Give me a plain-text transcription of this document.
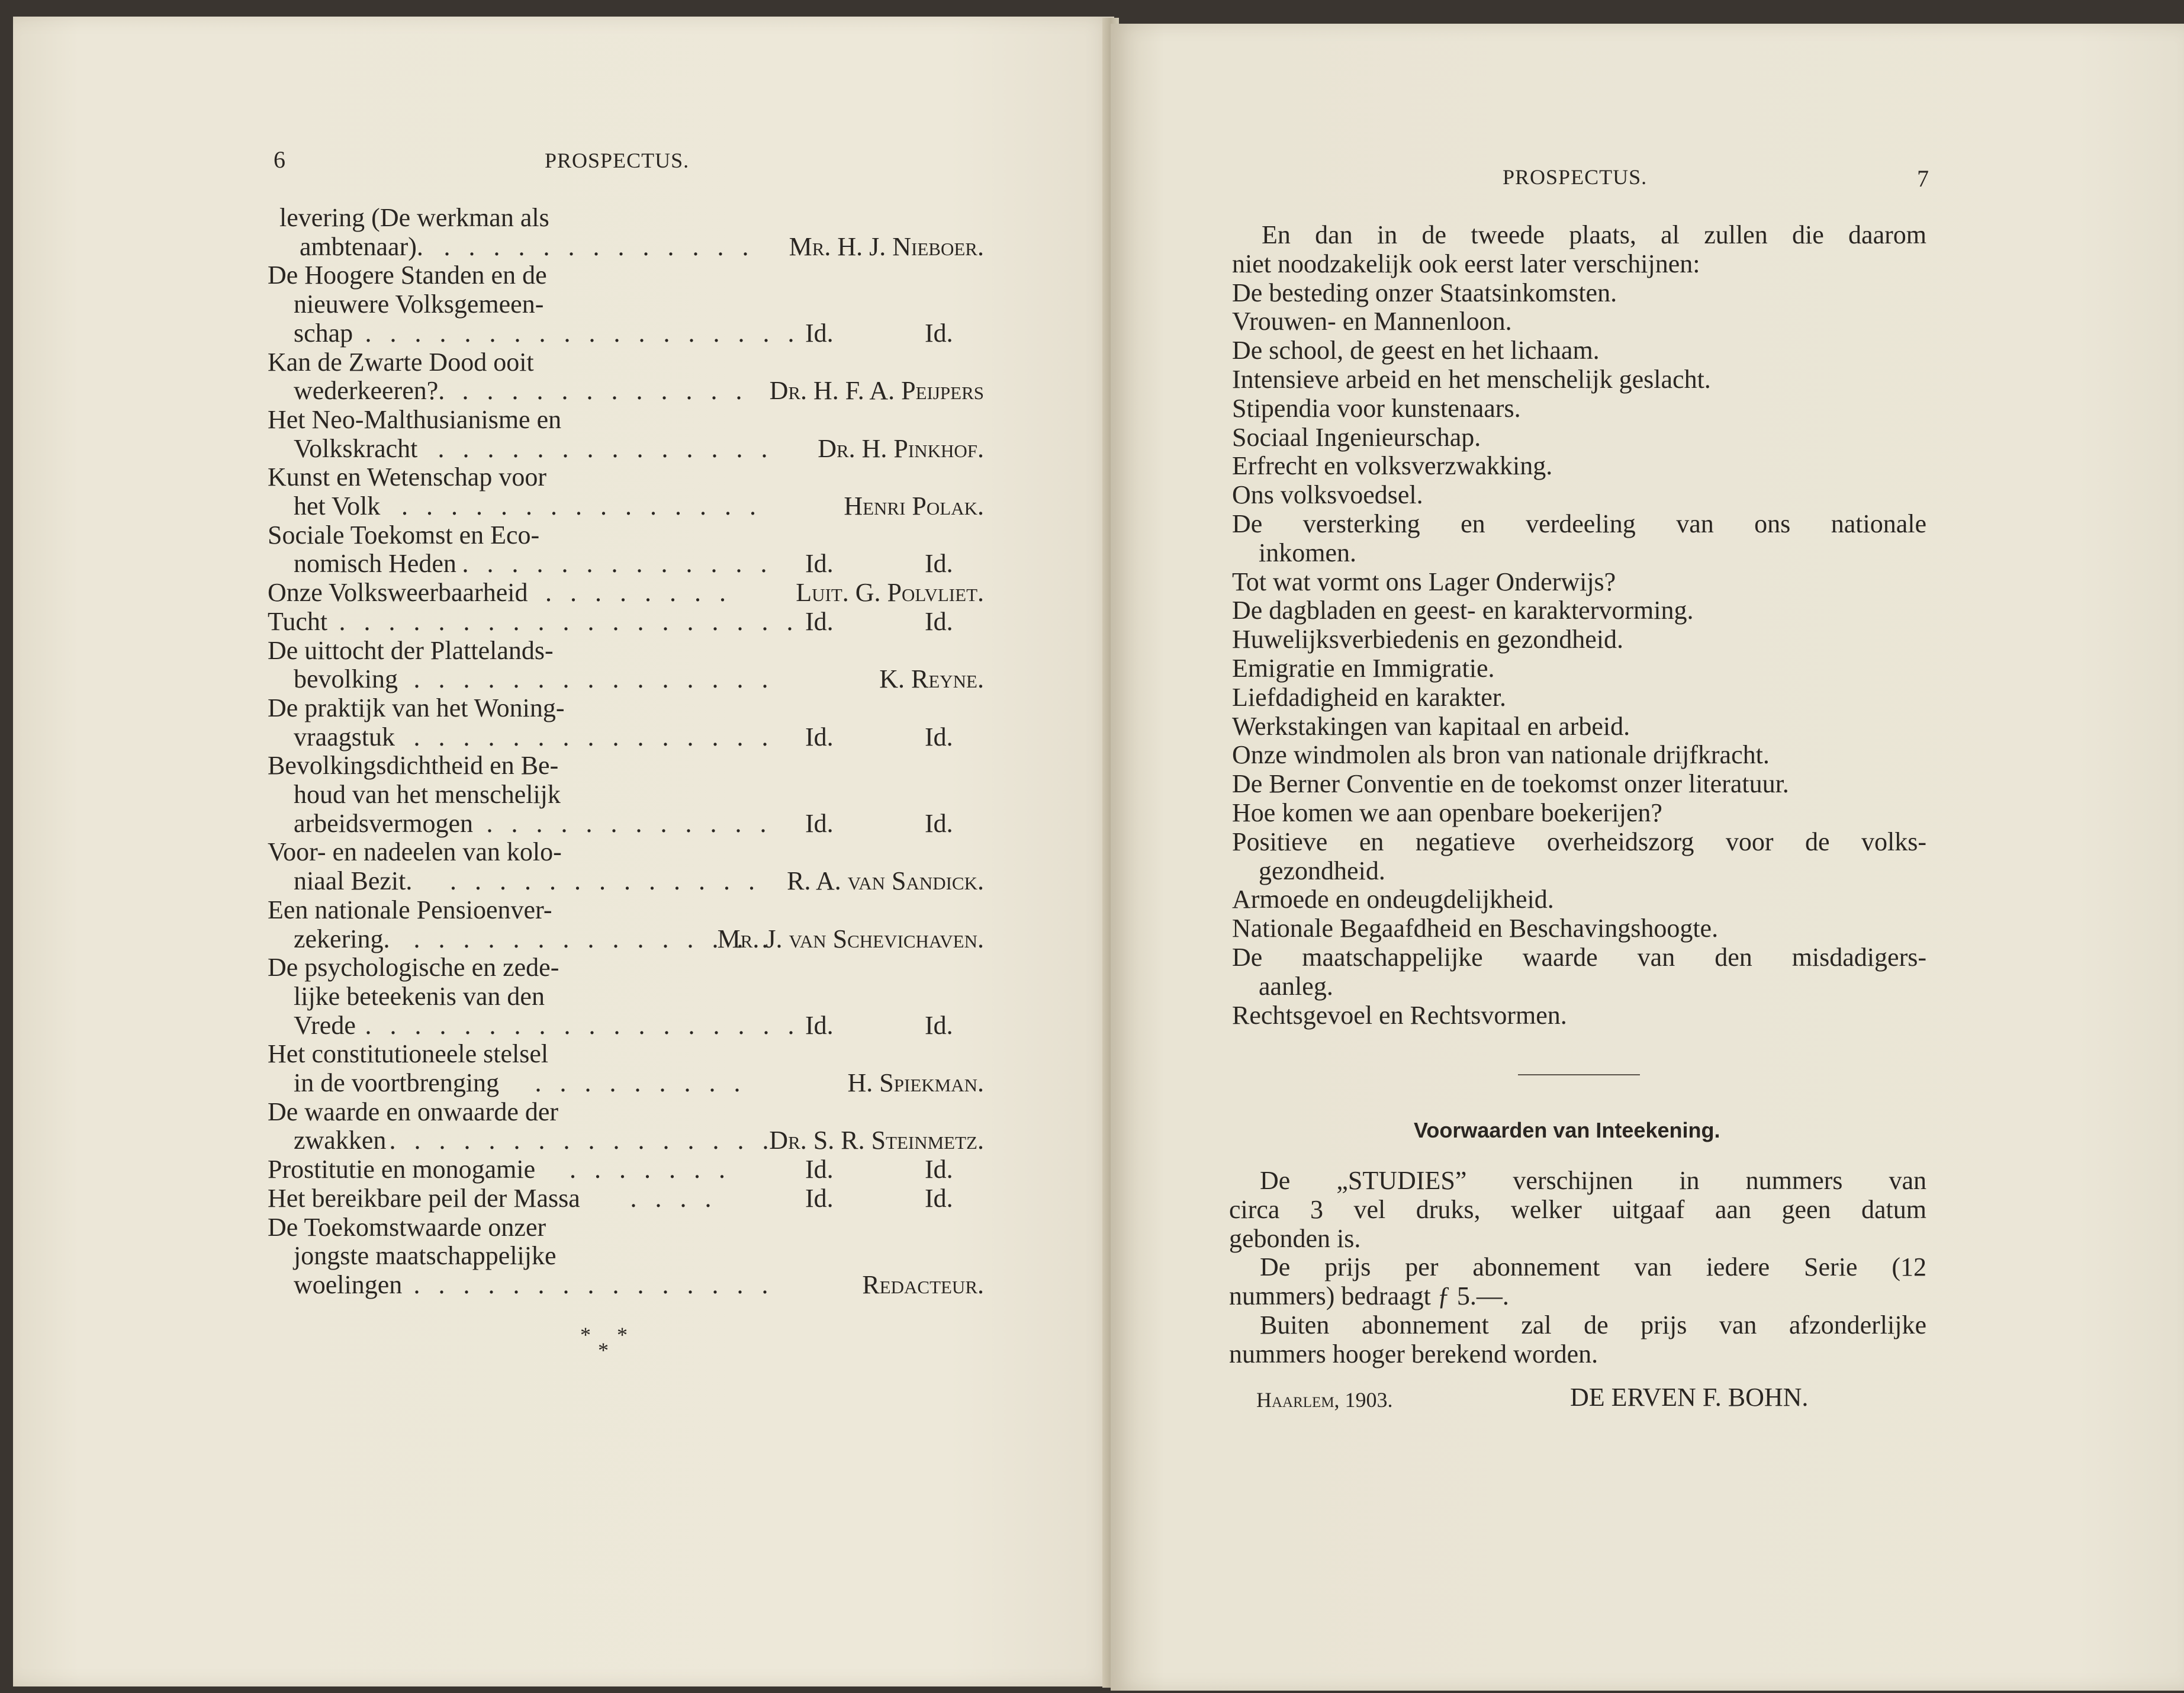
6	PROSPECTUS.
levering (De werkman als
ambtenaar). . . . . . . . . . . . . . Mr. H. J. Nieboer.
De Hoogere Standen en de
nieuwere Volksgemeen-
schap . . . . . . . . . . . . . . . . . . Id.	Id.
Kan de Zwarte Dood ooit
wederkeeren?. . . . . . . . . . . . . Dr. H. F. A. Peijpers
Het Neo-Malthusianisme en
Volkskracht . . . . . . . . . . . . . . Dr. H. Pinkhof.
Kunst en Wetenschap voor
het Volk . . . . . . . . . . . . . . .	Henri Polak.
Sociale Toekomst en Eco-
nomisch Heden . . . . . . . . . . . . . Id.	Id.
Onze Volksweerbaarheid . . . . . . . . Luit. G. Polvliet.
Tucht . . . . . . . . . . . . . . . . . . . Id.	Id.
De uittocht der Plattelands-
bevolking . . . . . . . . . . . . . . .	K. Reyne.
De praktijk van het Woning-
vraagstuk . . . . . . . . . . . . . . . Id.	Id.
Bevolkingsdichtheid en Be-
houd van het menschelijk
arbeidsvermogen . . . . . . . . . . . . Id.	Id.
Voor- en nadeelen van kolo-
niaal Bezit. . . . . . . . . . . . . . R. A. van Sandick.
Een nationale Pensioenver-
zekering. . . . . . . . . . . . . . . .
Mr. J. van Schevichaven.
De psychologische en zede-
lijke beteekenis van den
Vrede . . . . . . . . . . . . . . . . . . Id.	Id.
Het constitutioneele stelsel
in de voortbrenging . . . . . . . . .	H. Spiekman.
De waarde en onwaarde der
zwakken . . . . . . . . . . . . . . . .
Dr. S. R. Steinmetz.
Prostitutie en monogamie . . . . . . .	Id.	Id.
Het bereikbare peil der Massa . . . .	Id.	Id.
De Toekomstwaarde onzer
jongste maatschappelijke
woelingen . . . . . . . . . . . . . . .	Redacteur.
* *
*
PROSPECTUS.	7
En dan in de tweede plaats, al zullen die daarom
niet noodzakelijk ook eerst later verschijnen:
De besteding onzer Staatsinkomsten.
Vrouwen- en Mannenloon.
De school, de geest en het lichaam.
Intensieve arbeid en het menschelijk geslacht.
Stipendia voor kunstenaars.
Sociaal Ingenieurschap.
Erfrecht en volksverzwakking.
Ons volksvoedsel.
De versterking en verdeeling van ons nationale
inkomen.
Tot wat vormt ons Lager Onderwijs?
De dagbladen en geest- en karaktervorming.
Huwelijksverbiedenis en gezondheid.
Emigratie en Immigratie.
Liefdadigheid en karakter.
Werkstakingen van kapitaal en arbeid.
Onze windmolen als bron van nationale drijfkracht.
De Berner Conventie en de toekomst onzer literatuur.
Hoe komen we aan openbare boekerijen?
Positieve en negatieve overheidszorg voor de volks-
gezondheid.
Armoede en ondeugdelijkheid.
Nationale Begaafdheid en Beschavingshoogte.
De maatschappelijke waarde van den misdadigers-
aanleg.
Rechtsgevoel en Rechtsvormen.
Voorwaarden van Inteekening.
De „STUDIES” verschijnen in nummers van
circa 3 vel druks, welker uitgaaf aan geen datum
gebonden is.
De prijs per abonnement van iedere Serie (12
nummers) bedraagt ƒ 5.—.
Buiten abonnement zal de prijs van afzonderlijke
nummers hooger berekend worden.
Haarlem, 1903.	DE ERVEN F. BOHN.
